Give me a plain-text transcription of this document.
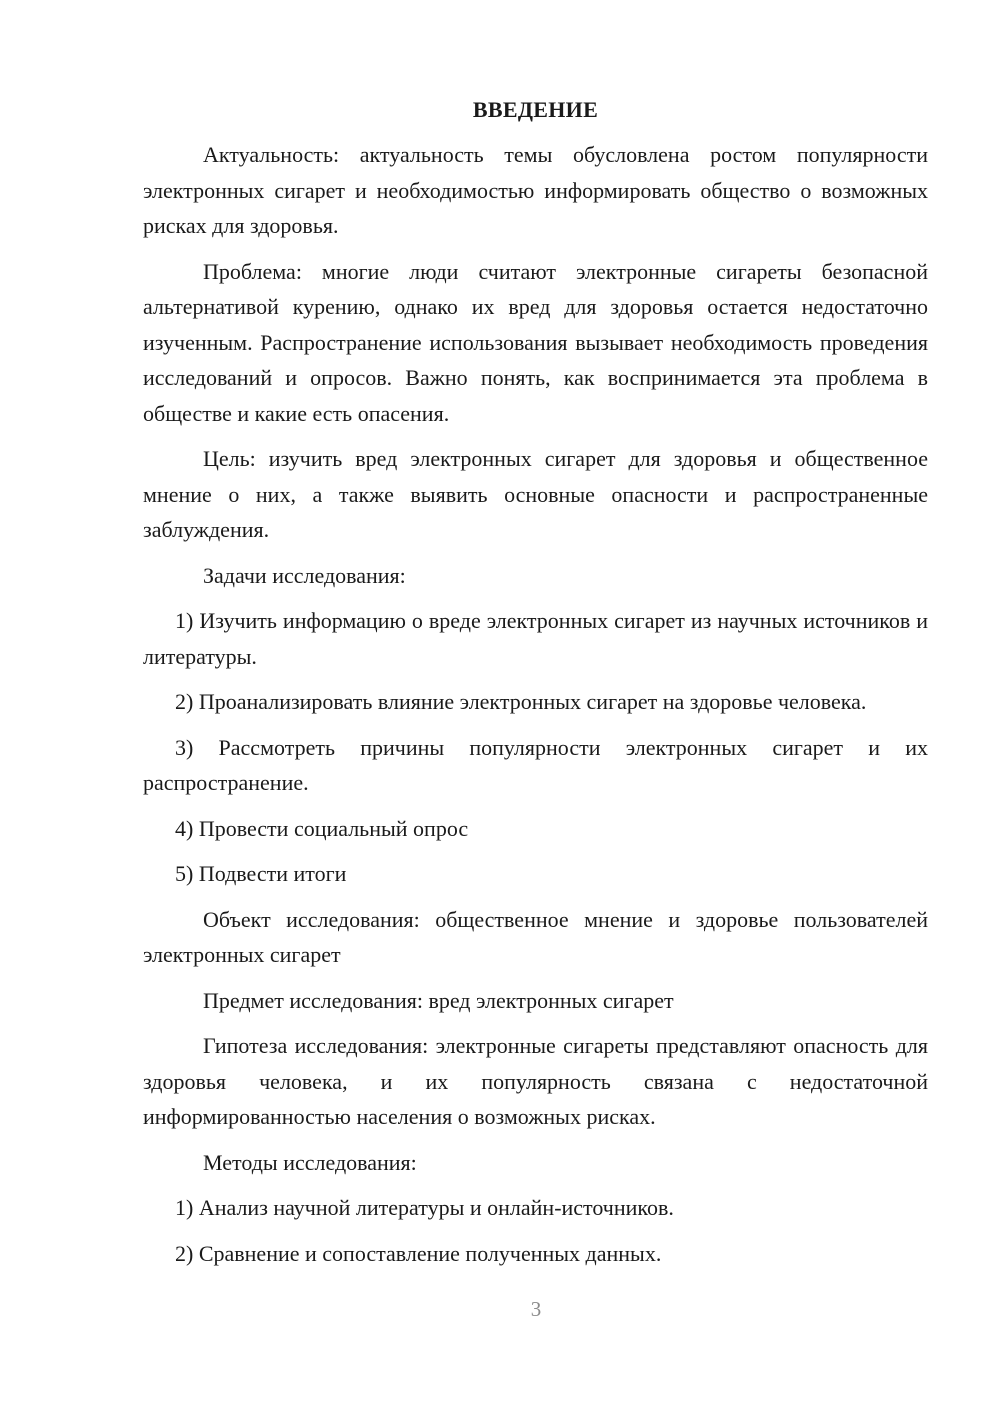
ВВЕДЕНИЕ

Актуальность: актуальность темы обусловлена ростом популярности электронных сигарет и необходимостью информировать общество о возможных рисках для здоровья.

Проблема: многие люди считают электронные сигареты безопасной альтернативой курению, однако их вред для здоровья остается недостаточно изученным. Распространение использования вызывает необходимость проведения исследований и опросов. Важно понять, как воспринимается эта проблема в обществе и какие есть опасения.

Цель: изучить вред электронных сигарет для здоровья и общественное мнение о них, а также выявить основные опасности и распространенные заблуждения.

Задачи исследования:

1) Изучить информацию о вреде электронных сигарет из научных источников и литературы.

2) Проанализировать влияние электронных сигарет на здоровье человека.

3) Рассмотреть причины популярности электронных сигарет и их распространение.

4) Провести социальный опрос

5) Подвести итоги

Объект исследования: общественное мнение и здоровье пользователей электронных сигарет

Предмет исследования: вред электронных сигарет

Гипотеза исследования: электронные сигареты представляют опасность для здоровья человека, и их популярность связана с недостаточной информированностью населения о возможных рисках.

Методы исследования:

1) Анализ научной литературы и онлайн-источников.

2) Сравнение и сопоставление полученных данных.

3
